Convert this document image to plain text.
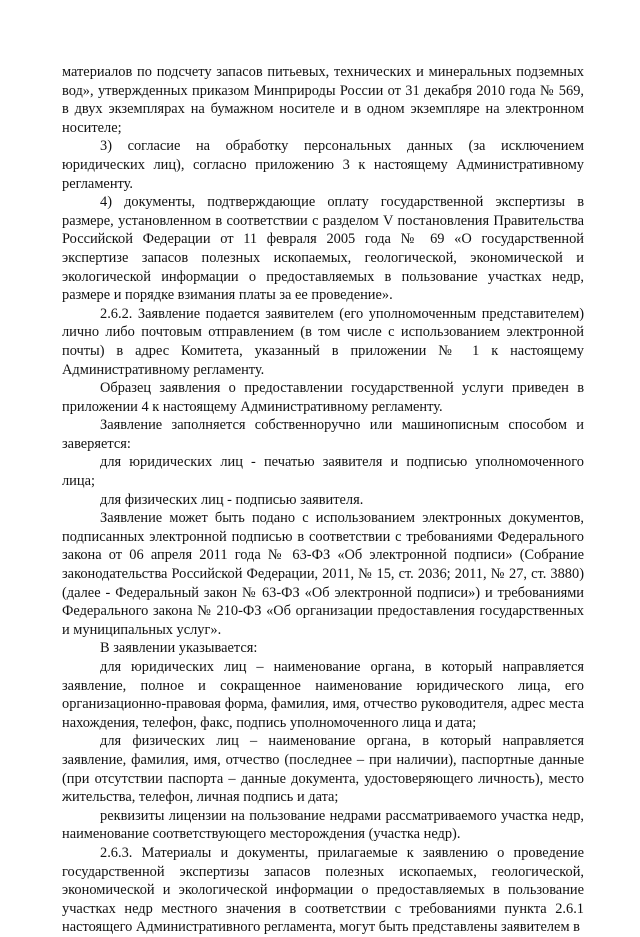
материалов по подсчету запасов питьевых, технических и минеральных подземных вод», утвержденных приказом Минприроды России от 31 декабря 2010 года № 569, в двух экземплярах на бумажном носителе и в одном экземпляре на электронном носителе;

3) согласие на обработку персональных данных (за исключением юридических лиц), согласно приложению 3 к настоящему Административному регламенту.

4) документы, подтверждающие оплату государственной экспертизы в размере, установленном в соответствии с разделом V постановления Правительства Российской Федерации от 11 февраля 2005 года № 69 «О государственной экспертизе запасов полезных ископаемых, геологической, экономической и экологической информации о предоставляемых в пользование участках недр, размере и порядке взимания платы за ее проведение».

2.6.2. Заявление подается заявителем (его уполномоченным представителем) лично либо почтовым отправлением (в том числе с использованием электронной почты) в адрес Комитета, указанный в приложении № 1 к настоящему Административному регламенту.

Образец заявления о предоставлении государственной услуги приведен в приложении 4 к настоящему Административному регламенту.

Заявление заполняется собственноручно или машинописным способом и заверяется:

для юридических лиц - печатью заявителя и подписью уполномоченного лица;

для физических лиц - подписью заявителя.

Заявление может быть подано с использованием электронных документов, подписанных электронной подписью в соответствии с требованиями Федерального закона от 06 апреля 2011 года № 63-ФЗ «Об электронной подписи» (Собрание законодательства Российской Федерации, 2011, № 15, ст. 2036; 2011, № 27, ст. 3880) (далее - Федеральный закон № 63-ФЗ «Об электронной подписи») и требованиями Федерального закона № 210-ФЗ «Об организации предоставления государственных и муниципальных услуг».

В заявлении указывается:

для юридических лиц – наименование органа, в который направляется заявление, полное и сокращенное наименование юридического лица, его организационно-правовая форма, фамилия, имя, отчество руководителя, адрес места нахождения, телефон, факс, подпись уполномоченного лица и дата;

для физических лиц – наименование органа, в который направляется заявление, фамилия, имя, отчество (последнее – при наличии), паспортные данные (при отсутствии паспорта – данные документа, удостоверяющего личность), место жительства, телефон, личная подпись и дата;

реквизиты лицензии на пользование недрами рассматриваемого участка недр, наименование соответствующего месторождения (участка недр).

2.6.3. Материалы и документы, прилагаемые к заявлению о проведение государственной экспертизы запасов полезных ископаемых, геологической, экономической и экологической информации о предоставляемых в пользование участках недр местного значения в соответствии с требованиями пункта 2.6.1 настоящего Административного регламента, могут быть представлены заявителем в
